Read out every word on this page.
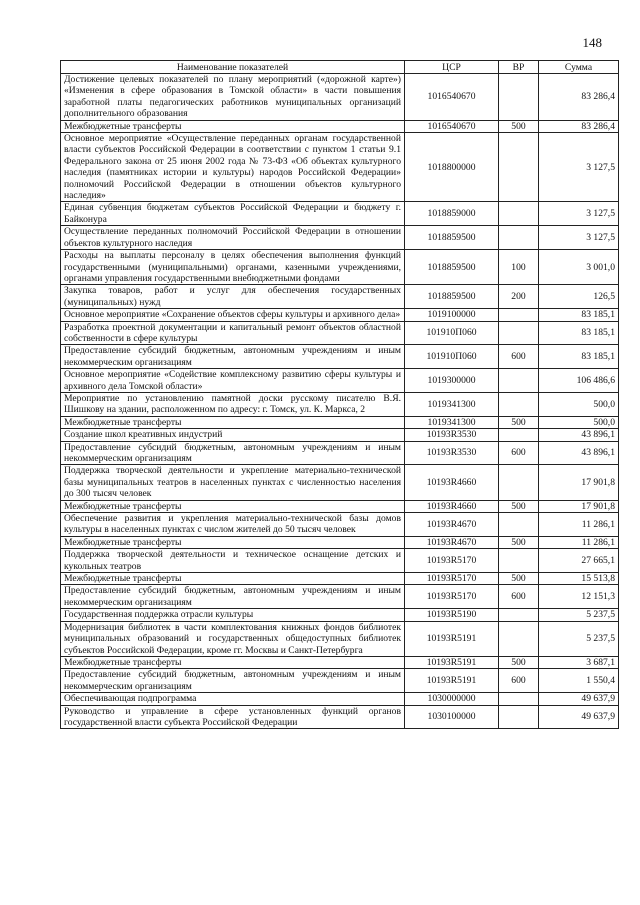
148
Наименование показателей	ЦСР	ВР	Сумма
Достижение целевых показателей по плану мероприятий («дорожной карте») «Изменения в сфере образования в Томской области» в части повышения заработной платы педагогических работников муниципальных организаций дополнительного образования	1016540670		83 286,4
Межбюджетные трансферты	1016540670	500	83 286,4
Основное мероприятие «Осуществление переданных органам государственной власти субъектов Российской Федерации в соответствии с пунктом 1 статьи 9.1 Федерального закона от 25 июня 2002 года № 73-ФЗ «Об объектах культурного наследия (памятниках истории и культуры) народов Российской Федерации» полномочий Российской Федерации в отношении объектов культурного наследия»	1018800000		3 127,5
Единая субвенция бюджетам субъектов Российской Федерации и бюджету г. Байконура	1018859000		3 127,5
Осуществление переданных полномочий Российской Федерации в отношении объектов культурного наследия	1018859500		3 127,5
Расходы на выплаты персоналу в целях обеспечения выполнения функций государственными (муниципальными) органами, казенными учреждениями, органами управления государственными внебюджетными фондами	1018859500	100	3 001,0
Закупка товаров, работ и услуг для обеспечения государственных (муниципальных) нужд	1018859500	200	126,5
Основное мероприятие «Сохранение объектов сферы культуры и архивного дела»	1019100000		83 185,1
Разработка проектной документации и капитальный ремонт объектов областной собственности в сфере культуры	101910П060		83 185,1
Предоставление субсидий бюджетным, автономным учреждениям и иным некоммерческим организациям	101910П060	600	83 185,1
Основное мероприятие «Содействие комплексному развитию сферы культуры и архивного дела Томской области»	1019300000		106 486,6
Мероприятие по установлению памятной доски русскому писателю В.Я. Шишкову на здании, расположенном по адресу: г. Томск, ул. К. Маркса, 2	1019341300		500,0
Межбюджетные трансферты	1019341300	500	500,0
Создание школ креативных индустрий	10193R3530		43 896,1
Предоставление субсидий бюджетным, автономным учреждениям и иным некоммерческим организациям	10193R3530	600	43 896,1
Поддержка творческой деятельности и укрепление материально-технической базы муниципальных театров в населенных пунктах с численностью населения до 300 тысяч человек	10193R4660		17 901,8
Межбюджетные трансферты	10193R4660	500	17 901,8
Обеспечение развития и укрепления материально-технической базы домов культуры в населенных пунктах с числом жителей до 50 тысяч человек	10193R4670		11 286,1
Межбюджетные трансферты	10193R4670	500	11 286,1
Поддержка творческой деятельности и техническое оснащение детских и кукольных театров	10193R5170		27 665,1
Межбюджетные трансферты	10193R5170	500	15 513,8
Предоставление субсидий бюджетным, автономным учреждениям и иным некоммерческим организациям	10193R5170	600	12 151,3
Государственная поддержка отрасли культуры	10193R5190		5 237,5
Модернизация библиотек в части комплектования книжных фондов библиотек муниципальных образований и государственных общедоступных библиотек субъектов Российской Федерации, кроме гг. Москвы и Санкт-Петербурга	10193R5191		5 237,5
Межбюджетные трансферты	10193R5191	500	3 687,1
Предоставление субсидий бюджетным, автономным учреждениям и иным некоммерческим организациям	10193R5191	600	1 550,4
Обеспечивающая подпрограмма	1030000000		49 637,9
Руководство и управление в сфере установленных функций органов государственной власти субъекта Российской Федерации	1030100000		49 637,9
